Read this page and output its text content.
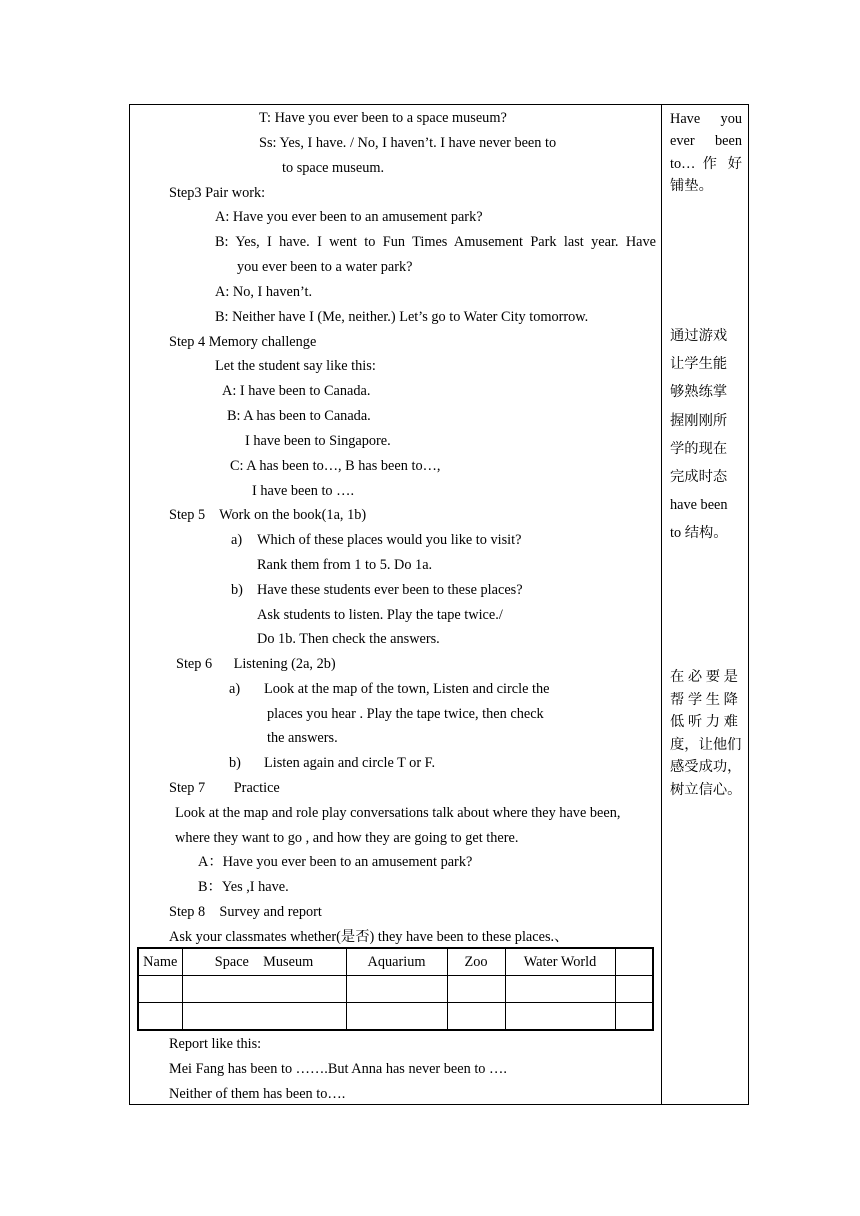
T: Have you ever been to a space museum?
Ss: Yes, I have. / No, I haven’t. I have never been to
to space museum.
Step3 Pair work:
A: Have you ever been to an amusement park?
B: Yes, I have. I went to Fun Times Amusement Park last year. Have
you ever been to a water park?
A: No, I haven’t.
B: Neither have I (Me, neither.) Let’s go to Water City tomorrow.
Step 4 Memory challenge
Let the student say like this:
A: I have been to Canada.
B: A has been to Canada.
I have been to Singapore.
C: A has been to…, B has been to…,
I have been to ….
Step 5    Work on the book(1a, 1b)
a) Which of these places would you like to visit?
Rank them from 1 to 5. Do 1a.
b) Have these students ever been to these places?
Ask students to listen. Play the tape twice./
Do 1b. Then check the answers.
Step 6      Listening (2a, 2b)
a) Look at the map of the town, Listen and circle the
places you hear . Play the tape twice, then check
the answers.
b) Listen again and circle T or F.
Step 7        Practice
Look at the map and role play conversations talk about where they have been,
where they want to go , and how they are going to get there.
A：Have you ever been to an amusement park?
B：Yes ,I have.
Step 8    Survey and report
Ask your classmates whether(是否) they have been to these places.、
Name	Space    Museum	Aquarium	Zoo	Water World	

Report like this:
Mei Fang has been to …….But Anna has never been to ….
Neither of them has been to….
Have you
ever been
to… 作 好
铺垫。
通过游戏
让学生能
够熟练掌
握刚刚所
学的现在
完成时态
have been
to 结构。
在 必 要 是
帮 学 生 降
低 听 力 难
度，让他们
感受成功，
树立信心。
